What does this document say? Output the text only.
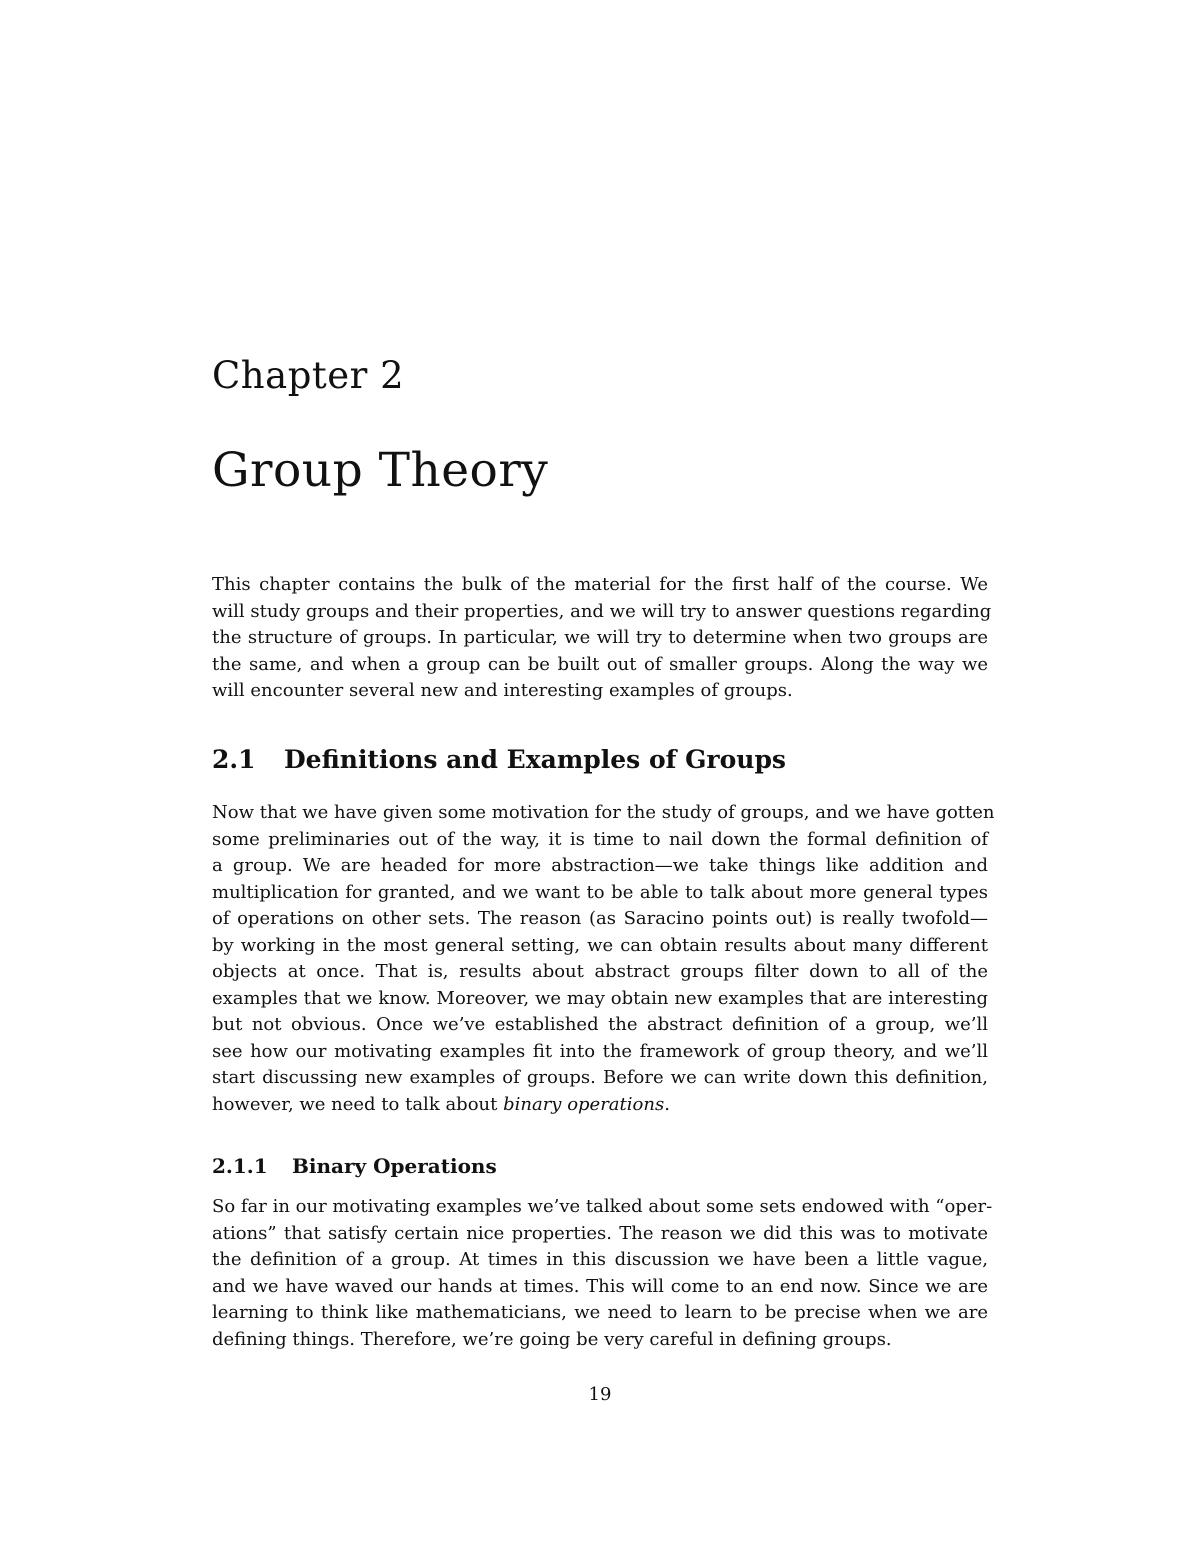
Chapter 2
Group Theory
This chapter contains the bulk of the material for the first half of the course. We
will study groups and their properties, and we will try to answer questions regarding
the structure of groups. In particular, we will try to determine when two groups are
the same, and when a group can be built out of smaller groups. Along the way we
will encounter several new and interesting examples of groups.
2.1 Definitions and Examples of Groups
Now that we have given some motivation for the study of groups, and we have gotten
some preliminaries out of the way, it is time to nail down the formal definition of
a group. We are headed for more abstraction—we take things like addition and
multiplication for granted, and we want to be able to talk about more general types
of operations on other sets. The reason (as Saracino points out) is really twofold—
by working in the most general setting, we can obtain results about many different
objects at once. That is, results about abstract groups filter down to all of the
examples that we know. Moreover, we may obtain new examples that are interesting
but not obvious. Once we’ve established the abstract definition of a group, we’ll
see how our motivating examples fit into the framework of group theory, and we’ll
start discussing new examples of groups. Before we can write down this definition,
however, we need to talk about binary operations.
2.1.1 Binary Operations
So far in our motivating examples we’ve talked about some sets endowed with “oper-
ations” that satisfy certain nice properties. The reason we did this was to motivate
the definition of a group. At times in this discussion we have been a little vague,
and we have waved our hands at times. This will come to an end now. Since we are
learning to think like mathematicians, we need to learn to be precise when we are
defining things. Therefore, we’re going be very careful in defining groups.
19
